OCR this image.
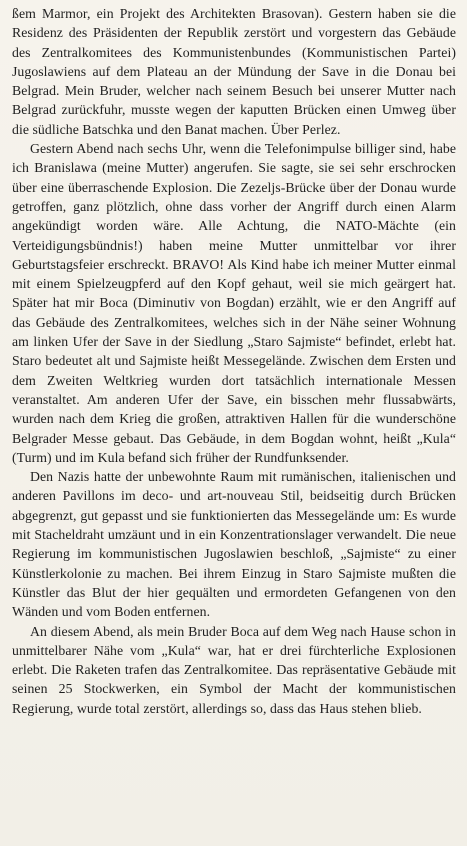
ßem Marmor, ein Projekt des Architekten Brasovan). Gestern haben sie die Residenz des Präsidenten der Republik zerstört und vorgestern das Gebäude des Zentralkomitees des Kommunistenbundes (Kommunistischen Partei) Jugoslawiens auf dem Plateau an der Mündung der Save in die Donau bei Belgrad. Mein Bruder, welcher nach seinem Besuch bei unserer Mutter nach Belgrad zurückfuhr, musste wegen der kaputten Brücken einen Umweg über die südliche Batschka und den Banat machen. Über Perlez.

Gestern Abend nach sechs Uhr, wenn die Telefonimpulse billiger sind, habe ich Branislawa (meine Mutter) angerufen. Sie sagte, sie sei sehr erschrocken über eine überraschende Explosion. Die Zezeljs-Brücke über der Donau wurde getroffen, ganz plötzlich, ohne dass vorher der Angriff durch einen Alarm angekündigt worden wäre. Alle Achtung, die NATO-Mächte (ein Verteidigungsbündnis!) haben meine Mutter unmittelbar vor ihrer Geburtstagsfeier erschreckt. BRAVO! Als Kind habe ich meiner Mutter einmal mit einem Spielzeugpferd auf den Kopf gehaut, weil sie mich geärgert hat. Später hat mir Boca (Diminutiv von Bogdan) erzählt, wie er den Angriff auf das Gebäude des Zentralkomitees, welches sich in der Nähe seiner Wohnung am linken Ufer der Save in der Siedlung „Staro Sajmiste“ befindet, erlebt hat. Staro bedeutet alt und Sajmiste heißt Messegelände. Zwischen dem Ersten und dem Zweiten Weltkrieg wurden dort tatsächlich internationale Messen veranstaltet. Am anderen Ufer der Save, ein bisschen mehr flussabwärts, wurden nach dem Krieg die großen, attraktiven Hallen für die wunderschöne Belgrader Messe gebaut. Das Gebäude, in dem Bogdan wohnt, heißt „Kula“ (Turm) und im Kula befand sich früher der Rundfunksender.

Den Nazis hatte der unbewohnte Raum mit rumänischen, italienischen und anderen Pavillons im deco- und art-nouveau Stil, beidseitig durch Brücken abgegrenzt, gut gepasst und sie funktionierten das Messegelände um: Es wurde mit Stacheldraht umzäunt und in ein Konzentrationslager verwandelt. Die neue Regierung im kommunistischen Jugoslawien beschloß, „Sajmiste“ zu einer Künstlerkolonie zu machen. Bei ihrem Einzug in Staro Sajmiste mußten die Künstler das Blut der hier gequälten und ermordeten Gefangenen von den Wänden und vom Boden entfernen.

An diesem Abend, als mein Bruder Boca auf dem Weg nach Hause schon in unmittelbarer Nähe vom „Kula“ war, hat er drei fürchterliche Explosionen erlebt. Die Raketen trafen das Zentralkomitee. Das repräsentative Gebäude mit seinen 25 Stockwerken, ein Symbol der Macht der kommunistischen Regierung, wurde total zerstört, allerdings so, dass das Haus stehen blieb.
